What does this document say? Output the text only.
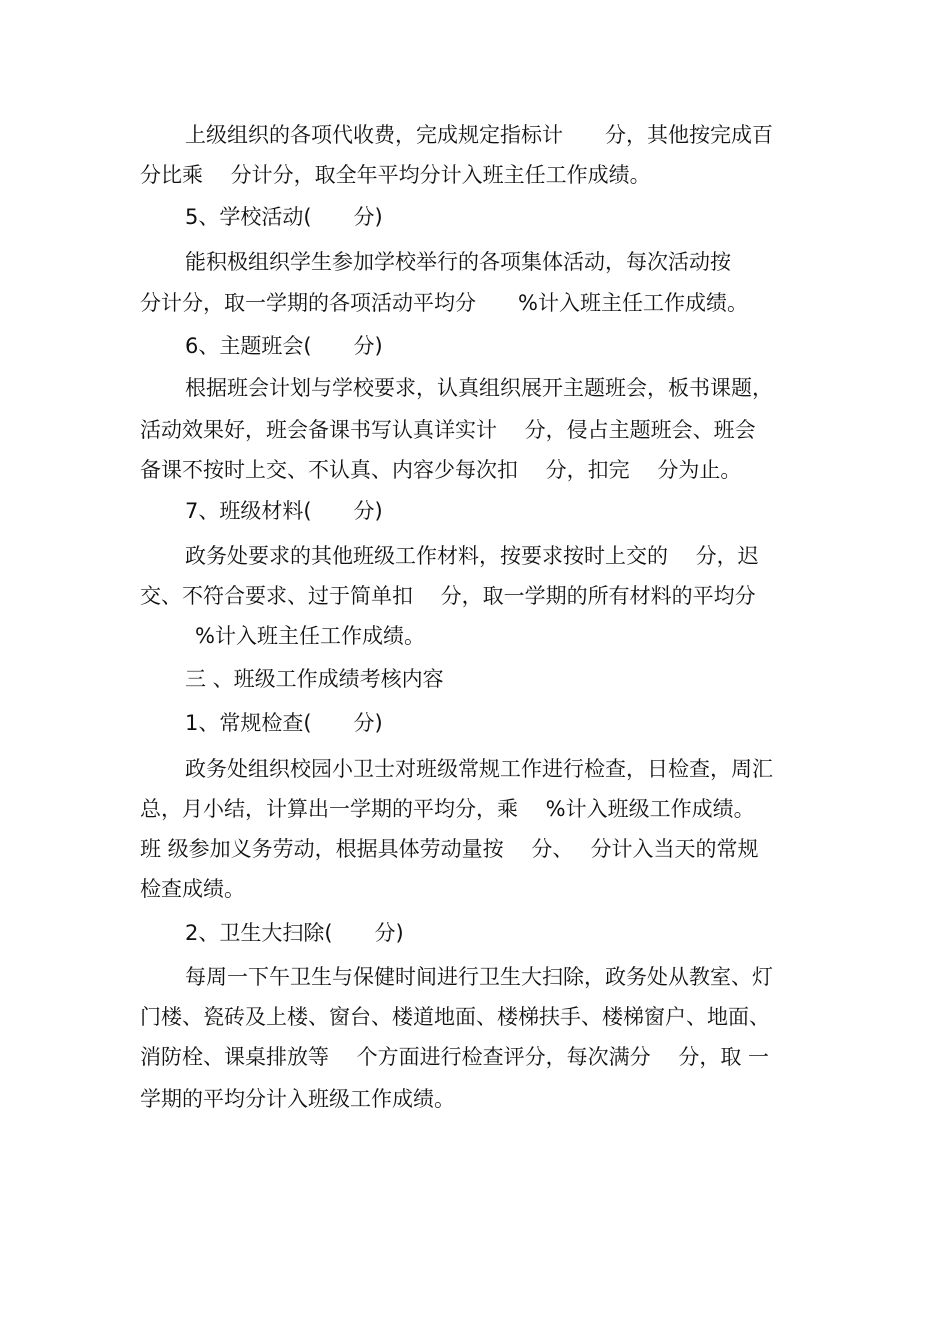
上级组织的各项代收费，完成规定指标计　　分，其他按完成百
分比乘　 分计分，取全年平均分计入班主任工作成绩。
5、学校活动(　　分)
能积极组织学生参加学校举行的各项集体活动，每次活动按
分计分，取一学期的各项活动平均分　　%计入班主任工作成绩。
6、主题班会(　　分)
根据班会计划与学校要求，认真组织展开主题班会，板书课题，
活动效果好，班会备课书写认真详实计　 分，侵占主题班会、班会
备课不按时上交、不认真、内容少每次扣　 分，扣完　 分为止。
7、班级材料(　　分)
政务处要求的其他班级工作材料，按要求按时上交的　 分，迟
交、不符合要求、过于简单扣　 分，取一学期的所有材料的平均分
%计入班主任工作成绩。
三 、班级工作成绩考核内容
1、常规检查(　　分)
政务处组织校园小卫士对班级常规工作进行检查，日检查，周汇
总，月小结，计算出一学期的平均分，乘　 %计入班级工作成绩。
班 级参加义务劳动，根据具体劳动量按　 分、　 分计入当天的常规
检查成绩。
2、卫生大扫除(　　分)
每周一下午卫生与保健时间进行卫生大扫除，政务处从教室、灯
门楼、瓷砖及上楼、窗台、楼道地面、楼梯扶手、楼梯窗户、地面、
消防栓、课桌排放等　 个方面进行检查评分，每次满分　 分，取 一
学期的平均分计入班级工作成绩。
